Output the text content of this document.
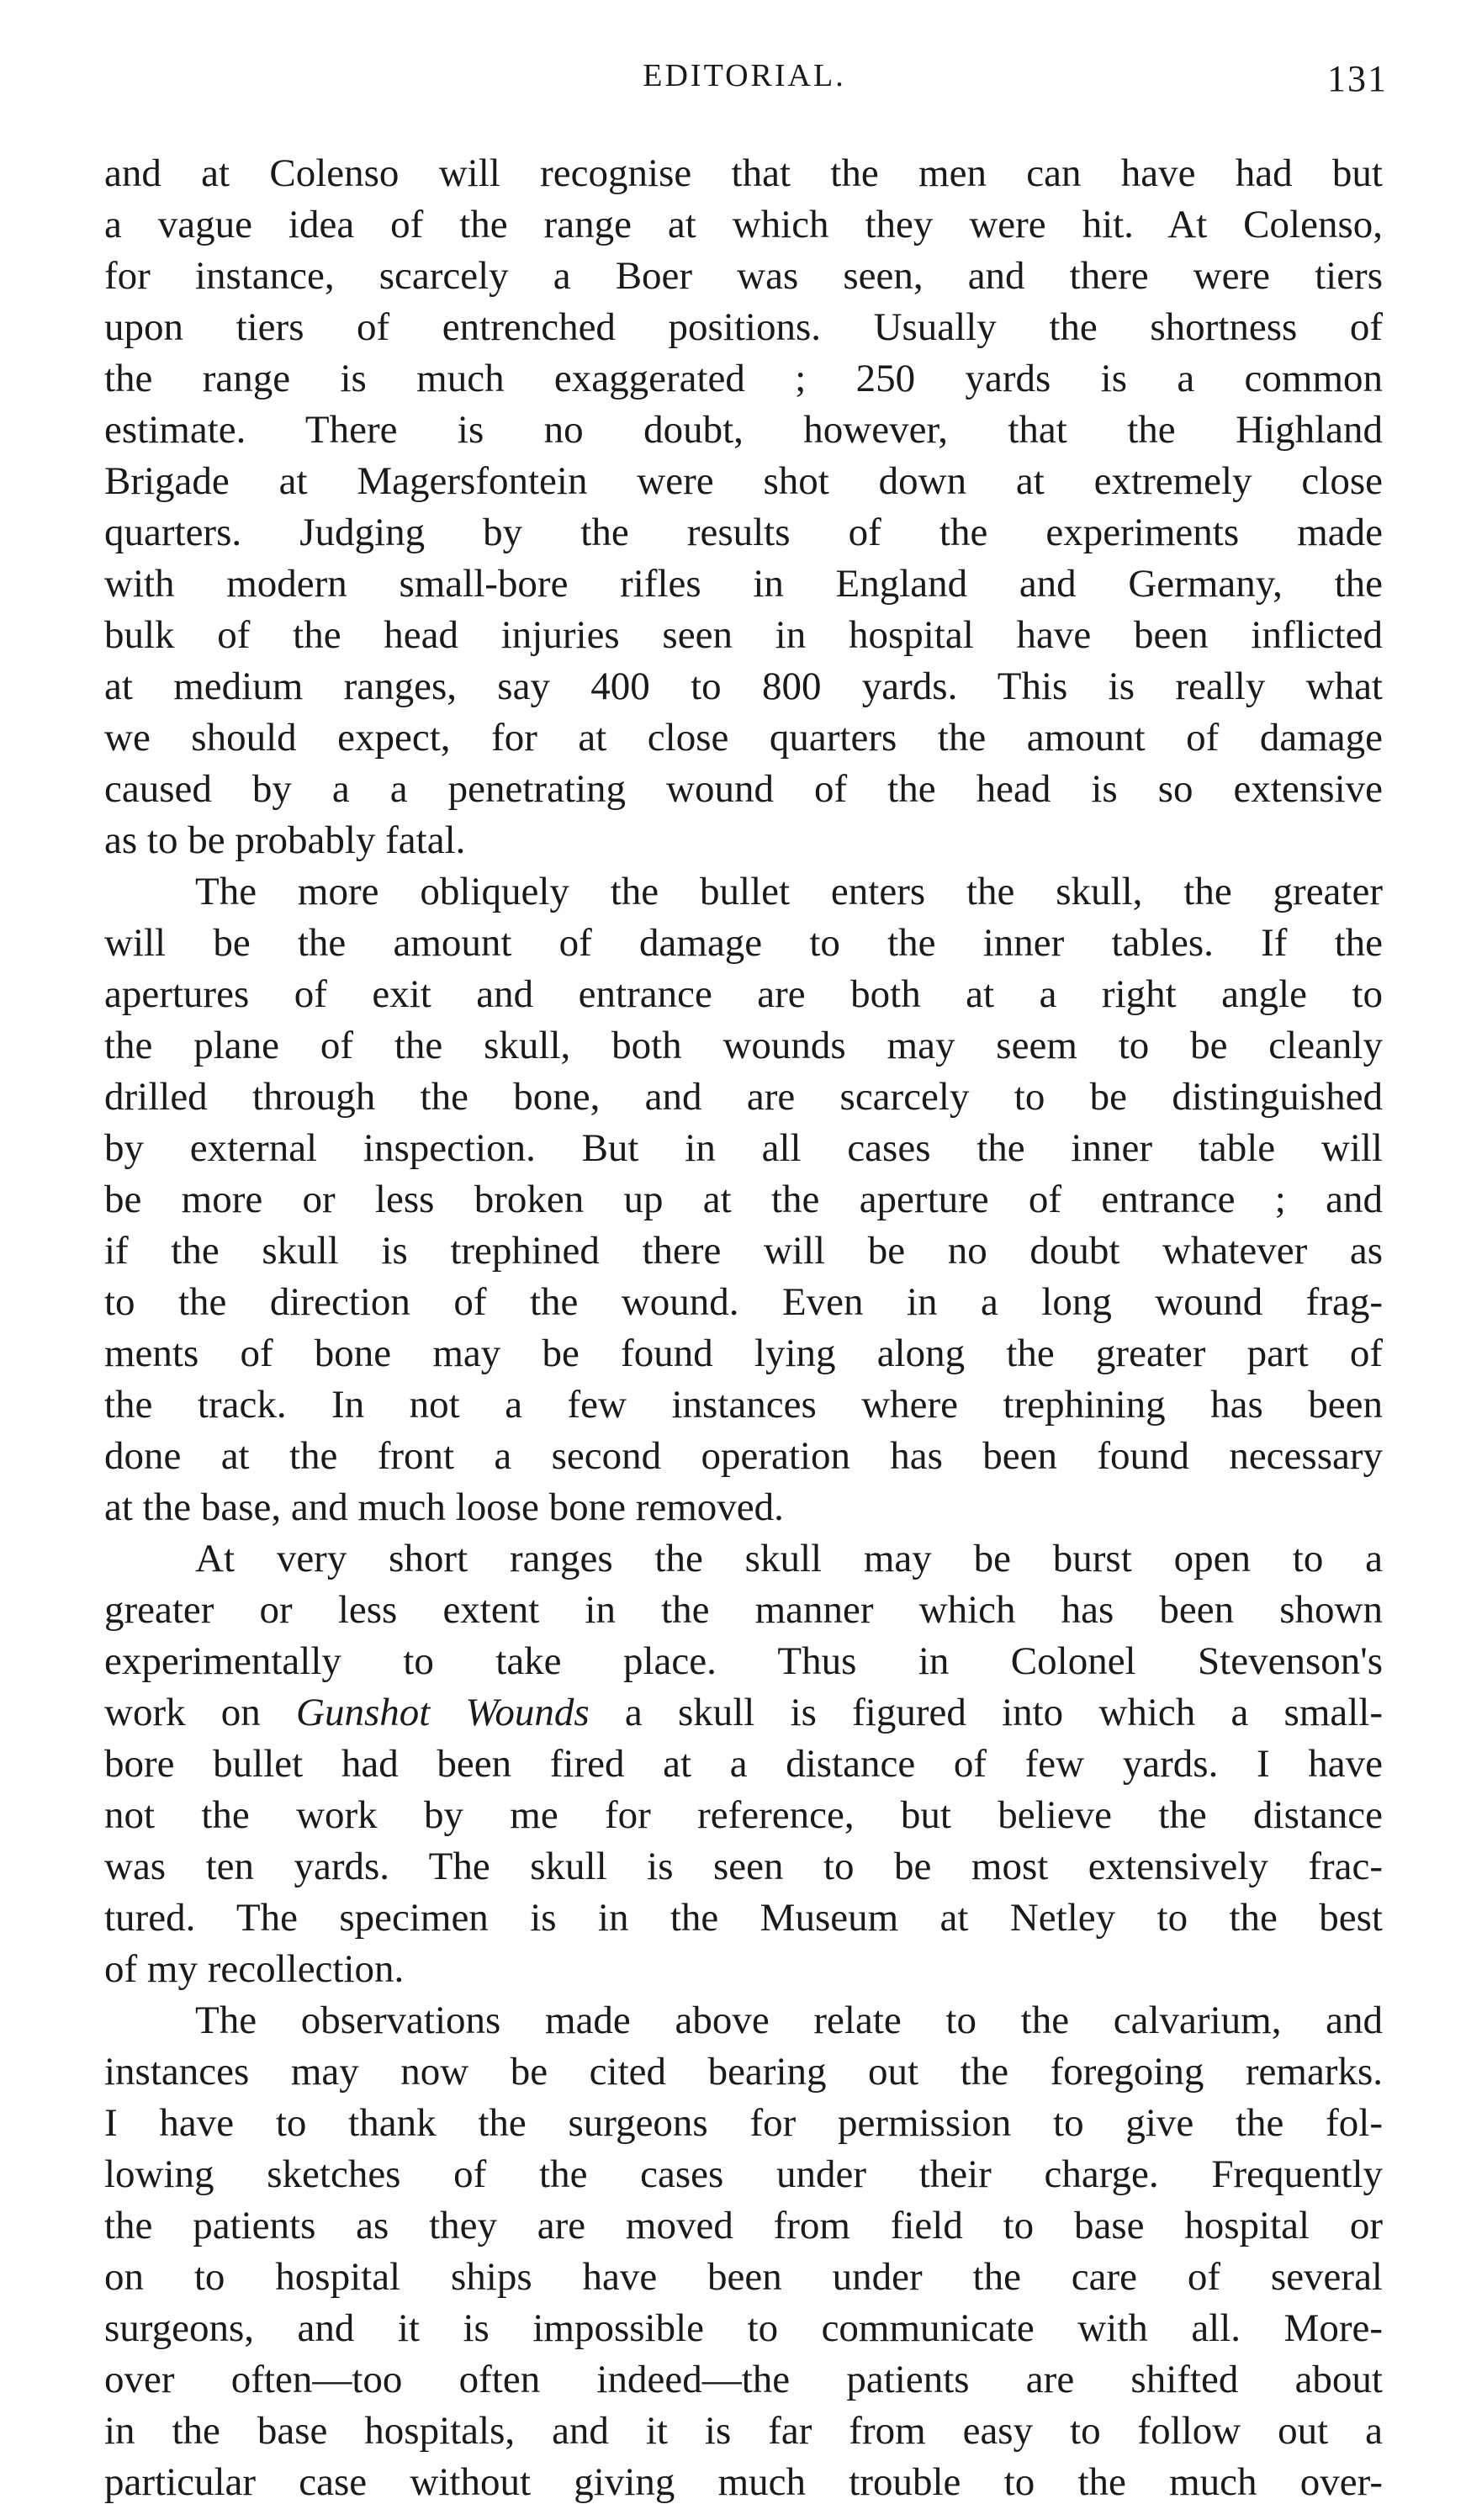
EDITORIAL.	131
and at Colenso will recognise that the men can have had but
a vague idea of the range at which they were hit. At Colenso,
for instance, scarcely a Boer was seen, and there were tiers
upon tiers of entrenched positions. Usually the shortness of
the range is much exaggerated ; 250 yards is a common
estimate. There is no doubt, however, that the Highland
Brigade at Magersfontein were shot down at extremely close
quarters. Judging by the results of the experiments made
with modern small-bore rifles in England and Germany, the
bulk of the head injuries seen in hospital have been inflicted
at medium ranges, say 400 to 800 yards. This is really what
we should expect, for at close quarters the amount of damage
caused by a a penetrating wound of the head is so extensive
as to be probably fatal.
The more obliquely the bullet enters the skull, the greater
will be the amount of damage to the inner tables. If the
apertures of exit and entrance are both at a right angle to
the plane of the skull, both wounds may seem to be cleanly
drilled through the bone, and are scarcely to be distinguished
by external inspection. But in all cases the inner table will
be more or less broken up at the aperture of entrance ; and
if the skull is trephined there will be no doubt whatever as
to the direction of the wound. Even in a long wound frag-
ments of bone may be found lying along the greater part of
the track. In not a few instances where trephining has been
done at the front a second operation has been found necessary
at the base, and much loose bone removed.
At very short ranges the skull may be burst open to a
greater or less extent in the manner which has been shown
experimentally to take place. Thus in Colonel Stevenson's
work on Gunshot Wounds a skull is figured into which a small-
bore bullet had been fired at a distance of few yards. I have
not the work by me for reference, but believe the distance
was ten yards. The skull is seen to be most extensively frac-
tured. The specimen is in the Museum at Netley to the best
of my recollection.
The observations made above relate to the calvarium, and
instances may now be cited bearing out the foregoing remarks.
I have to thank the surgeons for permission to give the fol-
lowing sketches of the cases under their charge. Frequently
the patients as they are moved from field to base hospital or
on to hospital ships have been under the care of several
surgeons, and it is impossible to communicate with all. More-
over often—too often indeed—the patients are shifted about
in the base hospitals, and it is far from easy to follow out a
particular case without giving much trouble to the much over-
